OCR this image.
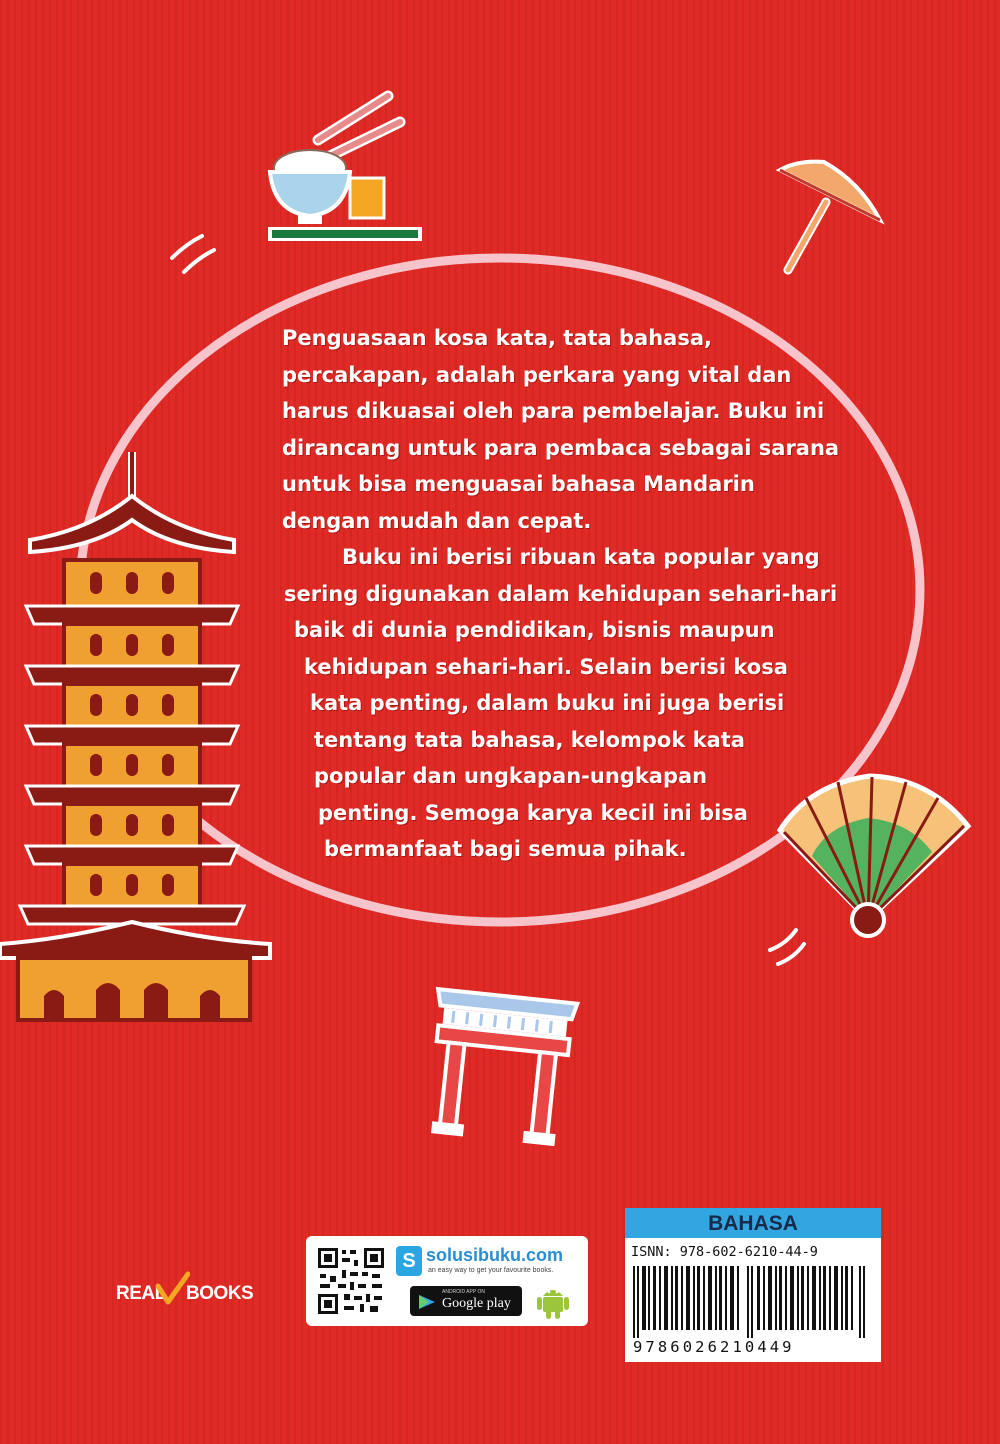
Penguasaan kosa kata, tata bahasa,
percakapan, adalah perkara yang vital dan
harus dikuasai oleh para pembelajar. Buku ini
dirancang untuk para pembaca sebagai sarana
untuk bisa menguasai bahasa Mandarin
dengan mudah dan cepat.
Buku ini berisi ribuan kata popular yang
sering digunakan dalam kehidupan sehari-hari
baik di dunia pendidikan, bisnis maupun
kehidupan sehari-hari. Selain berisi kosa
kata penting, dalam buku ini juga berisi
tentang tata bahasa, kelompok kata
popular dan ungkapan-ungkapan
penting. Semoga karya kecil ini bisa
bermanfaat bagi semua pihak.
REAL BOOKS
S solusibuku.com
an easy way to get your favourite books.
ANDROID APP ON
Google play
BAHASA
ISNN: 978-602-6210-44-9
9786026210449
